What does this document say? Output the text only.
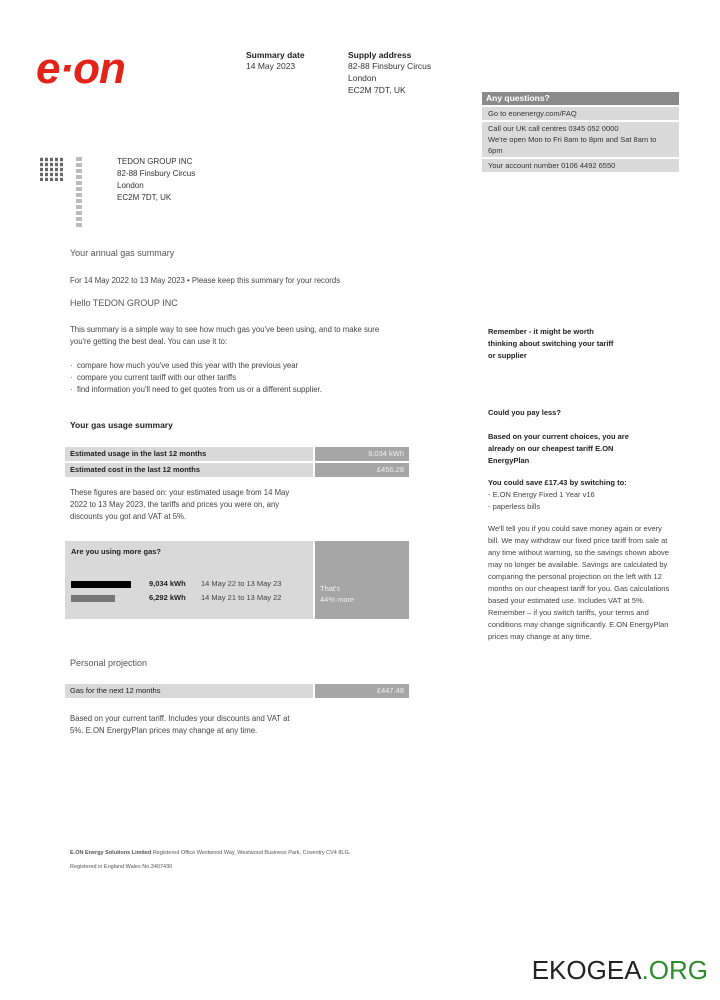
e·on	Summary date
14 May 2023
Supply address
82-88 Finsbury Circus
London
EC2M 7DT, UK
Any questions?
Go to eonenergy.com/FAQ
Call our UK call centres 0345 052 0000
We're open Mon to Fri 8am to 8pm and Sat 8am to 6pm
Your account number 0106 4492 6550
TEDON GROUP INC
82-88 Finsbury Circus
London
EC2M 7DT, UK
Your annual gas summary
For 14 May 2022 to 13 May 2023 • Please keep this summary for your records
Hello TEDON GROUP INC
This summary is a simple way to see how much gas you've been using, and to make sure you're getting the best deal. You can use it to:
·  compare how much you've used this year with the previous year
·  compare you current tariff with our other tariffs
·  find information you'll need to get quotes from us or a different supplier.
Your gas usage summary
Estimated usage in the last 12 months	9,034 kWh
Estimated cost in the last 12 months	£456.28
These figures are based on: your estimated usage from 14 May 2022 to 13 May 2023, the tariffs and prices you were on, any discounts you got and VAT at 5%.
Are you using more gas?
9,034 kWh 14 May 22 to 13 May 23
6,292 kWh 14 May 21 to 13 May 22
That's
44% more
Personal projection
Gas for the next 12 months	£447.48
Based on your current tariff. Includes your discounts and VAT at 5%. E.ON EnergyPlan prices may change at any time.
Remember - it might be worth thinking about switching your tariff or supplier
Could you pay less?
Based on your current choices, you are already on our cheapest tariff E.ON EnergyPlan
You could save £17.43 by switching to:
- E.ON Energy Fixed 1 Year v16
- paperless bills
We'll tell you if you could save money again or every bill. We may withdraw our fixed price tariff from sale at any time without warning, so the savings shown above may no longer be available. Savings are calculated by comparing the personal projection on the left with 12 months on our cheapest tariff for you. Gas calculations based your estimated use. Includes VAT at 5%. Remember – if you switch tariffs, your terms and conditions may change significantly. E.ON EnergyPlan prices may change at any time.
E.ON Energy Solutions Limited Registered Office Westwood Way, Westwood Business Park, Coventry CV4 8LG.
Registered in England Wales No.3407430
EKOGEA.ORG
